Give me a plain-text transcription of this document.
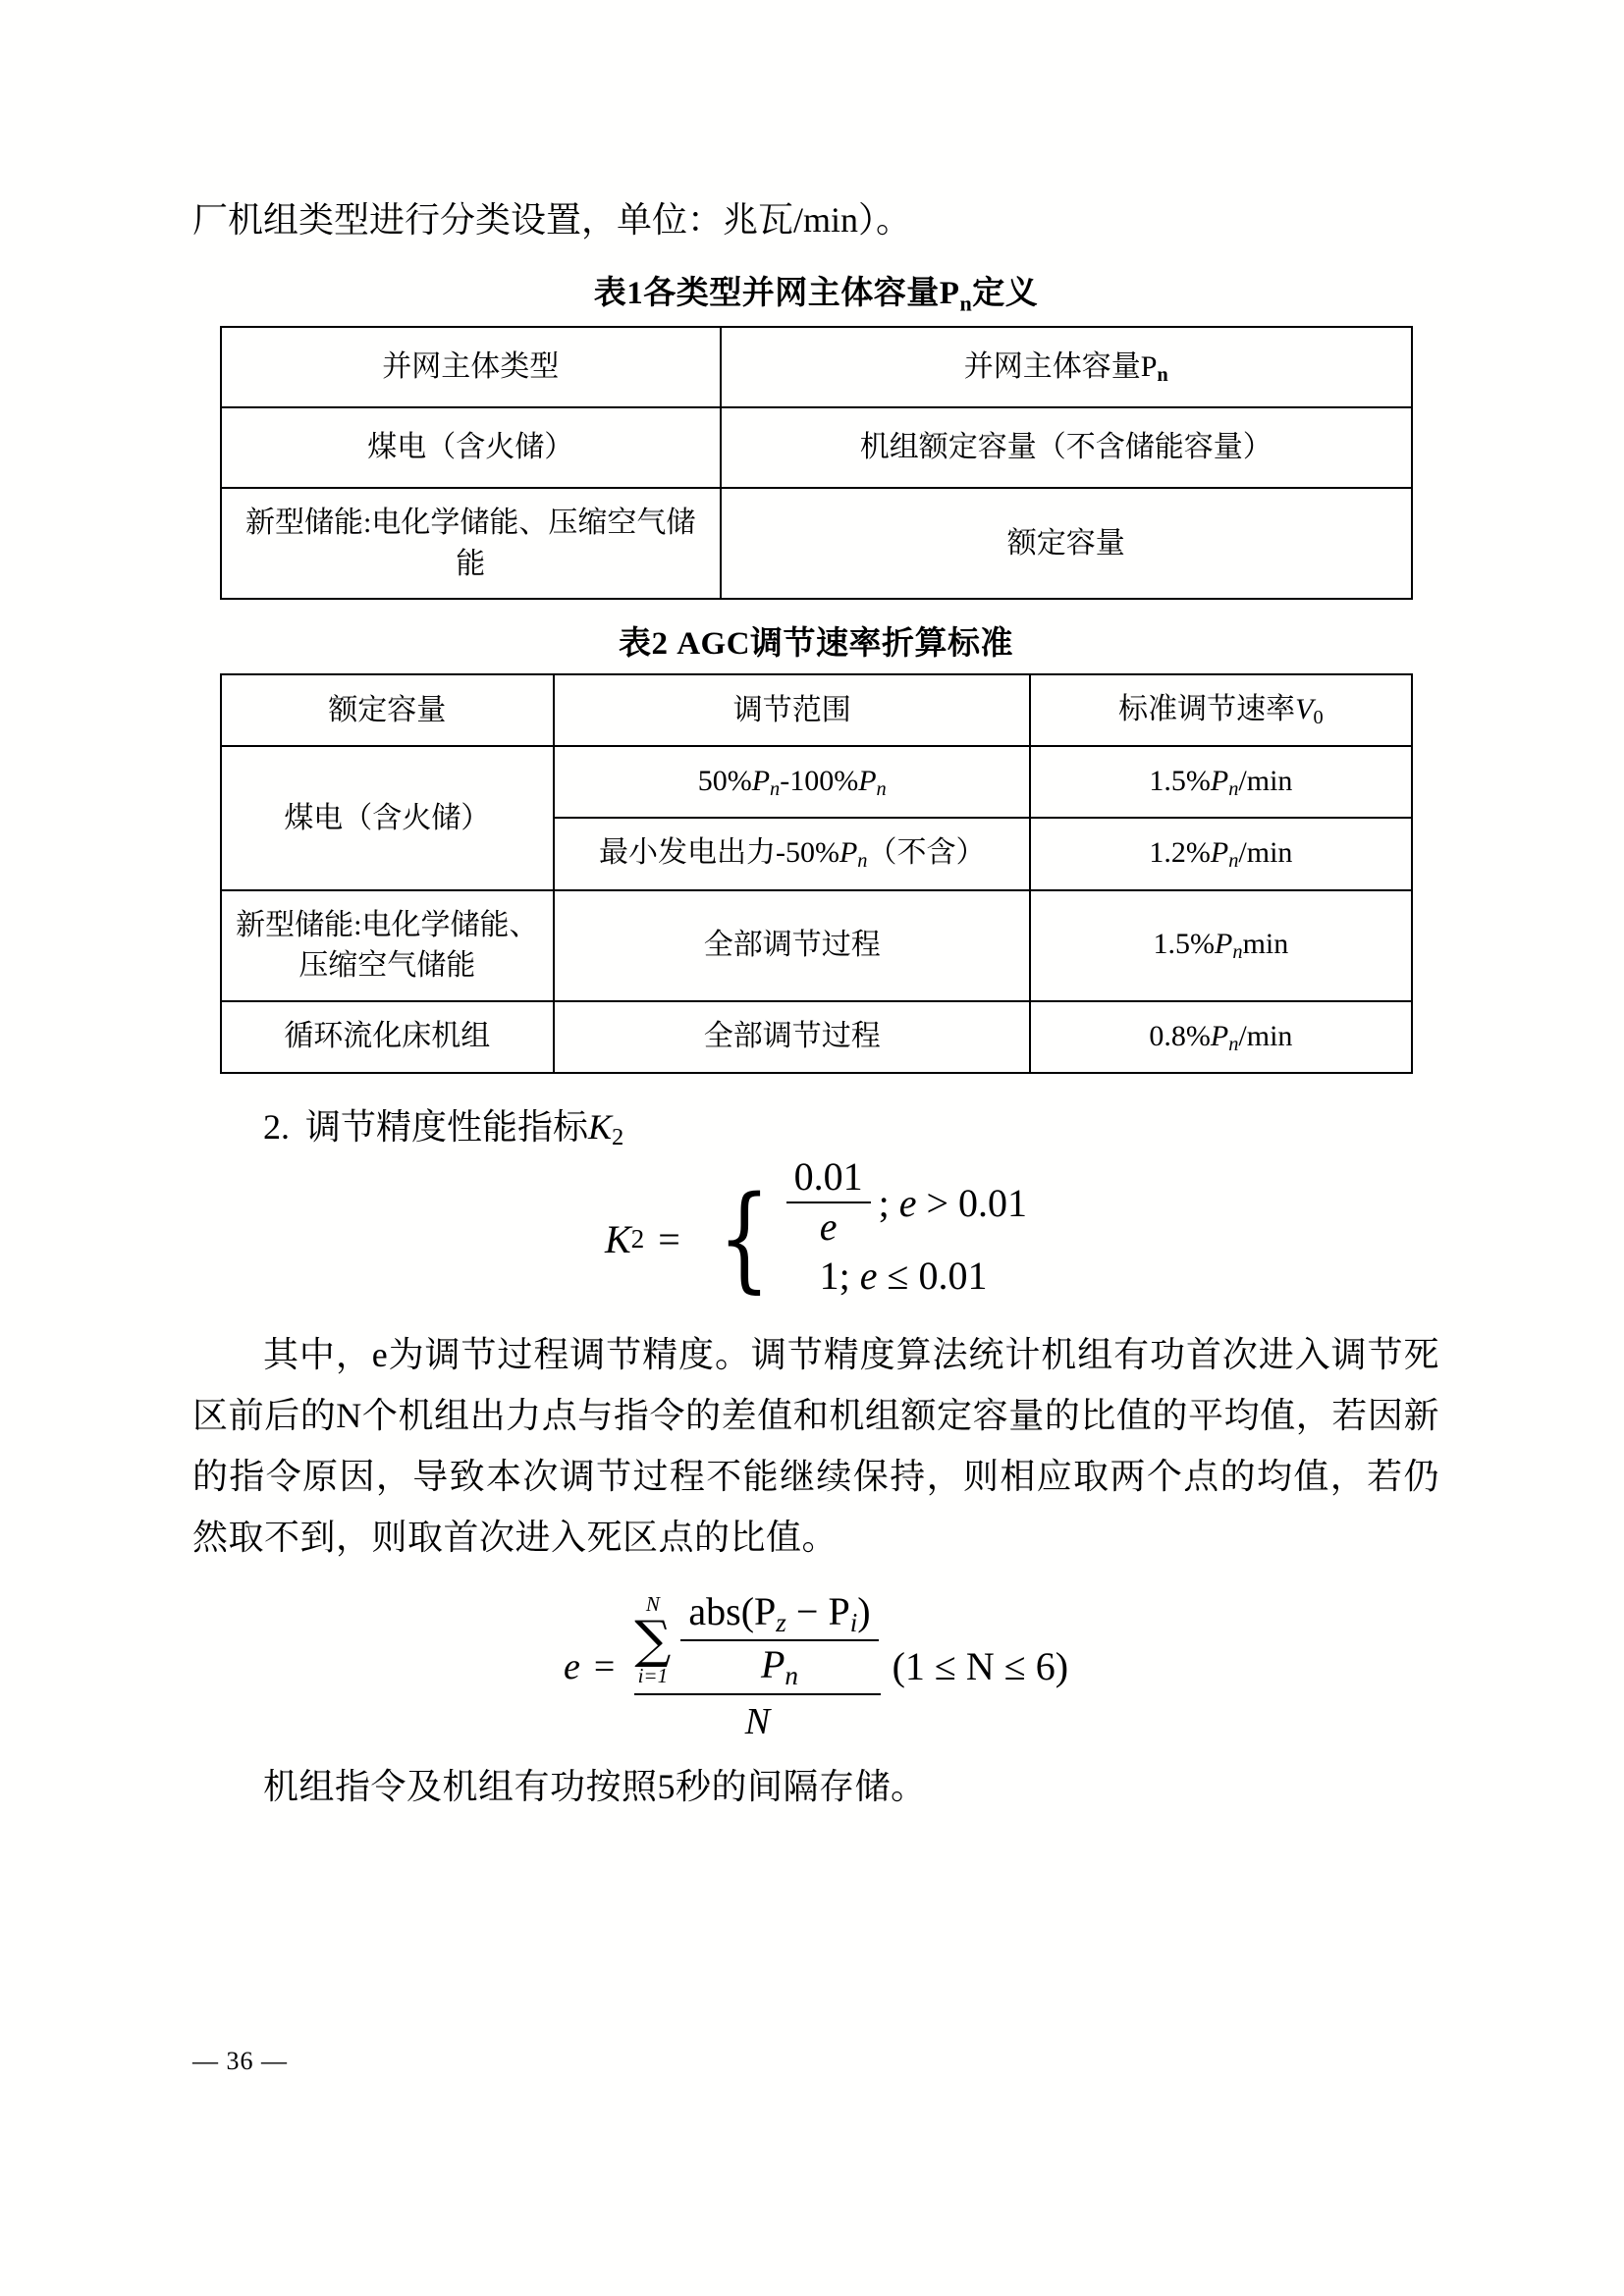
厂机组类型进行分类设置，单位：兆瓦/min）。

表1各类型并网主体容量$P_n$定义
并网主体类型	并网主体容量Pn
煤电（含火储）	机组额定容量（不含储能容量）
新型储能:电化学储能、压缩空气储能	额定容量
表2 AGC调节速率折算标准
额定容量	调节范围	标准调节速率V0
煤电（含火储）	$50\%P_n-100\%P_n$	$1.5\%P_n/\min$
	最小发电出力$-50\%P_n$（不含）	$1.2\%P_n/\min$
新型储能:电化学储能、压缩空气储能	全部调节过程	$1.5\%P_n\min$
循环流化床机组	全部调节过程	$0.8\%P_n/\min$
2. 调节精度性能指标$K_2$
K 2 = { $\frac{0.01}{e}$ ; e > 0.01
1 ; e ≤ 0.01

其中，e为调节过程调节精度。调节精度算法统计机组有功首次进入调节死区前后的N个机组出力点与指令的差值和机组额定容量的比值的平均值，若因新的指令原因，导致本次调节过程不能继续保持，则相应取两个点的均值，若仍然取不到，则取首次进入死区点的比值。

e =
N
∑
$i=1 \frac{abs(P_z - P_i)}{P_n}$
N
(1 ≤ N ≤ 6)

机组指令及机组有功按照5秒的间隔存储。

— 36 —
